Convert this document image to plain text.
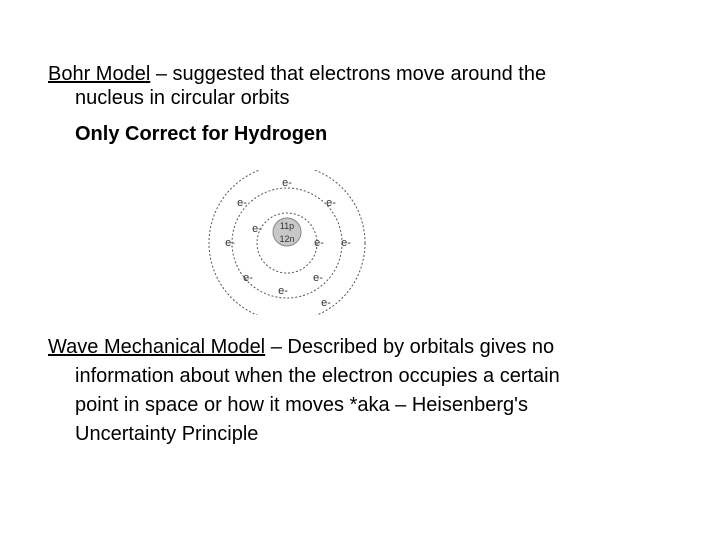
Bohr Model – suggested that electrons move around the
nucleus in circular orbits
Only Correct for Hydrogen
11p
12n
e-
e-
e-
e-	e-
e-	e-
e-	e-
e-
e-
Wave Mechanical Model – Described by orbitals gives no
information about when the electron occupies a certain
point in space or how it moves *aka – Heisenberg's
Uncertainty Principle
